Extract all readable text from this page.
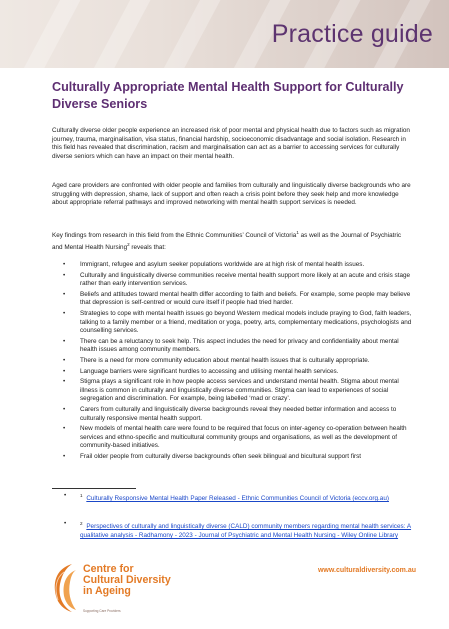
Practice guide
Culturally Appropriate Mental Health Support for Culturally Diverse Seniors

Culturally diverse older people experience an increased risk of poor mental and physical health due to factors such as migration journey, trauma, marginalisation, visa status, financial hardship, socioeconomic disadvantage and social isolation. Research in this field has revealed that discrimination, racism and marginalisation can act as a barrier to accessing services for culturally diverse seniors which can have an impact on their mental health.

Aged care providers are confronted with older people and families from culturally and linguistically diverse backgrounds who are struggling with depression, shame, lack of support and often reach a crisis point before they seek help and more knowledge about appropriate referral pathways and improved networking with mental health support services is needed.

Key findings from research in this field from the Ethnic Communities’ Council of Victoria$^1$ as well as the Journal of Psychiatric and Mental Health Nursing$^2$ reveals that:

• Immigrant, refugee and asylum seeker populations worldwide are at high risk of mental health issues.
• Culturally and linguistically diverse communities receive mental health support more likely at an acute and crisis stage rather than early intervention services.
• Beliefs and attitudes toward mental health differ according to faith and beliefs. For example, some people may believe that depression is self-centred or would cure itself if people had tried harder.
• Strategies to cope with mental health issues go beyond Western medical models include praying to God, faith leaders, talking to a family member or a friend, meditation or yoga, poetry, arts, complementary medications, psychologists and counselling services.
• There can be a reluctancy to seek help. This aspect includes the need for privacy and confidentiality about mental health issues among community members.
• There is a need for more community education about mental health issues that is culturally appropriate.
• Language barriers were significant hurdles to accessing and utilising mental health services.
• Stigma plays a significant role in how people access services and understand mental health. Stigma about mental illness is common in culturally and linguistically diverse communities. Stigma can lead to experiences of social segregation and discrimination. For example, being labelled ‘mad or crazy’.
• Carers from culturally and linguistically diverse backgrounds reveal they needed better information and access to culturally responsive mental health support.
• New models of mental health care were found to be required that focus on inter-agency co-operation between health services and ethno-specific and multicultural community groups and organisations, as well as the development of community-based initiatives.
• Frail older people from culturally diverse backgrounds often seek bilingual and bicultural support first
•	$^1$ Culturally Responsive Mental Health Paper Released - Ethnic Communities Council of Victoria (eccv.org.au)
•	$^2$ Perspectives of culturally and linguistically diverse (CALD) community members regarding mental health services: A qualitative analysis - Radhamony - 2023 - Journal of Psychiatric and Mental Health Nursing - Wiley Online Library
Centre for
Cultural Diversity
in Ageing
Supporting Care Providers
www.culturaldiversity.com.au
